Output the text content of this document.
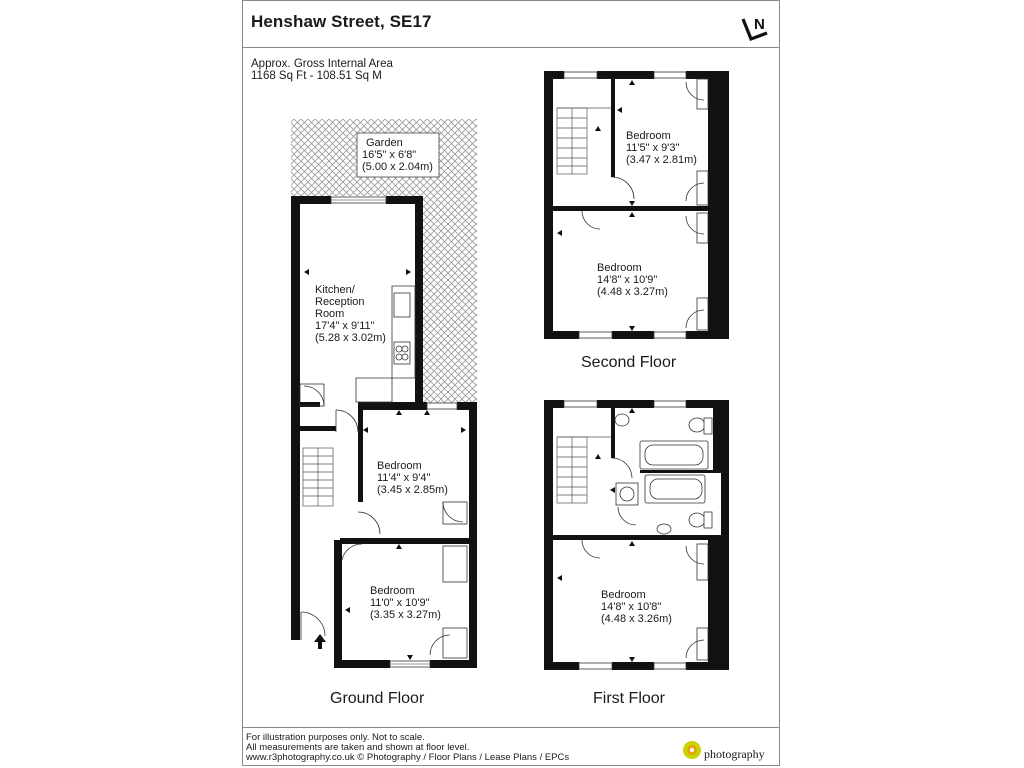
Henshaw Street, SE17
Approx. Gross Internal Area
1168 Sq Ft - 108.51 Sq M
N
Garden
16'5" x 6'8"
(5.00 x 2.04m)
Kitchen/
Reception
Room
17'4" x 9'11"
(5.28 x 3.02m)
Bedroom
11'4" x 9'4"
(3.45 x 2.85m)
Bedroom
11'0" x 10'9"
(3.35 x 3.27m)
Bedroom
11'5" x 9'3"
(3.47 x 2.81m)
Bedroom
14'8" x 10'9"
(4.48 x 3.27m)
Bedroom
14'8" x 10'8"
(4.48 x 3.26m)
Ground Floor
Second Floor
First Floor
For illustration purposes only. Not to scale.
All measurements are taken and shown at floor level.
www.r3photography.co.uk © Photography / Floor Plans / Lease Plans / EPCs	photography
